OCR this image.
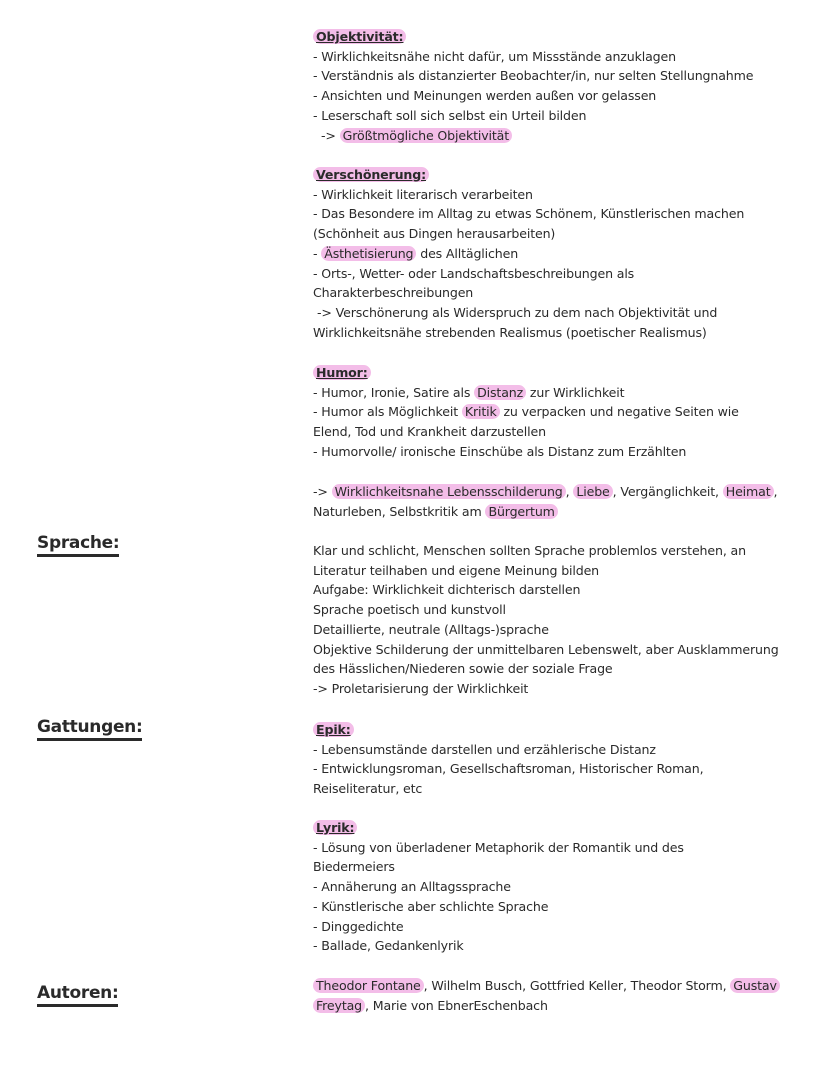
Sprache:
Gattungen:
Autoren:
Objektivität:
- Wirklichkeitsnähe nicht dafür, um Missstände anzuklagen
- Verständnis als distanzierter Beobachter/in, nur selten Stellungnahme
- Ansichten und Meinungen werden außen vor gelassen
- Leserschaft soll sich selbst ein Urteil bilden
-> Größtmögliche Objektivität
Verschönerung:
- Wirklichkeit literarisch verarbeiten
- Das Besondere im Alltag zu etwas Schönem, Künstlerischen machen
(Schönheit aus Dingen herausarbeiten)
- Ästhetisierung des Alltäglichen
- Orts-, Wetter- oder Landschaftsbeschreibungen als
Charakterbeschreibungen
-> Verschönerung als Widerspruch zu dem nach Objektivität und
Wirklichkeitsnähe strebenden Realismus (poetischer Realismus)
Humor:
- Humor, Ironie, Satire als Distanz zur Wirklichkeit
- Humor als Möglichkeit Kritik zu verpacken und negative Seiten wie
Elend, Tod und Krankheit darzustellen
- Humorvolle/ ironische Einschübe als Distanz zum Erzählten
-> Wirklichkeitsnahe Lebensschilderung , Liebe , Vergänglichkeit, Heimat ,
Naturleben, Selbstkritik am Bürgertum
Klar und schlicht, Menschen sollten Sprache problemlos verstehen, an
Literatur teilhaben und eigene Meinung bilden
Aufgabe: Wirklichkeit dichterisch darstellen
Sprache poetisch und kunstvoll
Detaillierte, neutrale (Alltags-)sprache
Objektive Schilderung der unmittelbaren Lebenswelt, aber Ausklammerung
des Hässlichen/Niederen sowie der soziale Frage
-> Proletarisierung der Wirklichkeit
Epik:
- Lebensumstände darstellen und erzählerische Distanz
- Entwicklungsroman, Gesellschaftsroman, Historischer Roman,
Reiseliteratur, etc
Lyrik:
- Lösung von überladener Metaphorik der Romantik und des
Biedermeiers
- Annäherung an Alltagssprache
- Künstlerische aber schlichte Sprache
- Dinggedichte
- Ballade, Gedankenlyrik
Theodor Fontane , Wilhelm Busch, Gottfried Keller, Theodor Storm, Gustav
Freytag , Marie von EbnerEschenbach
